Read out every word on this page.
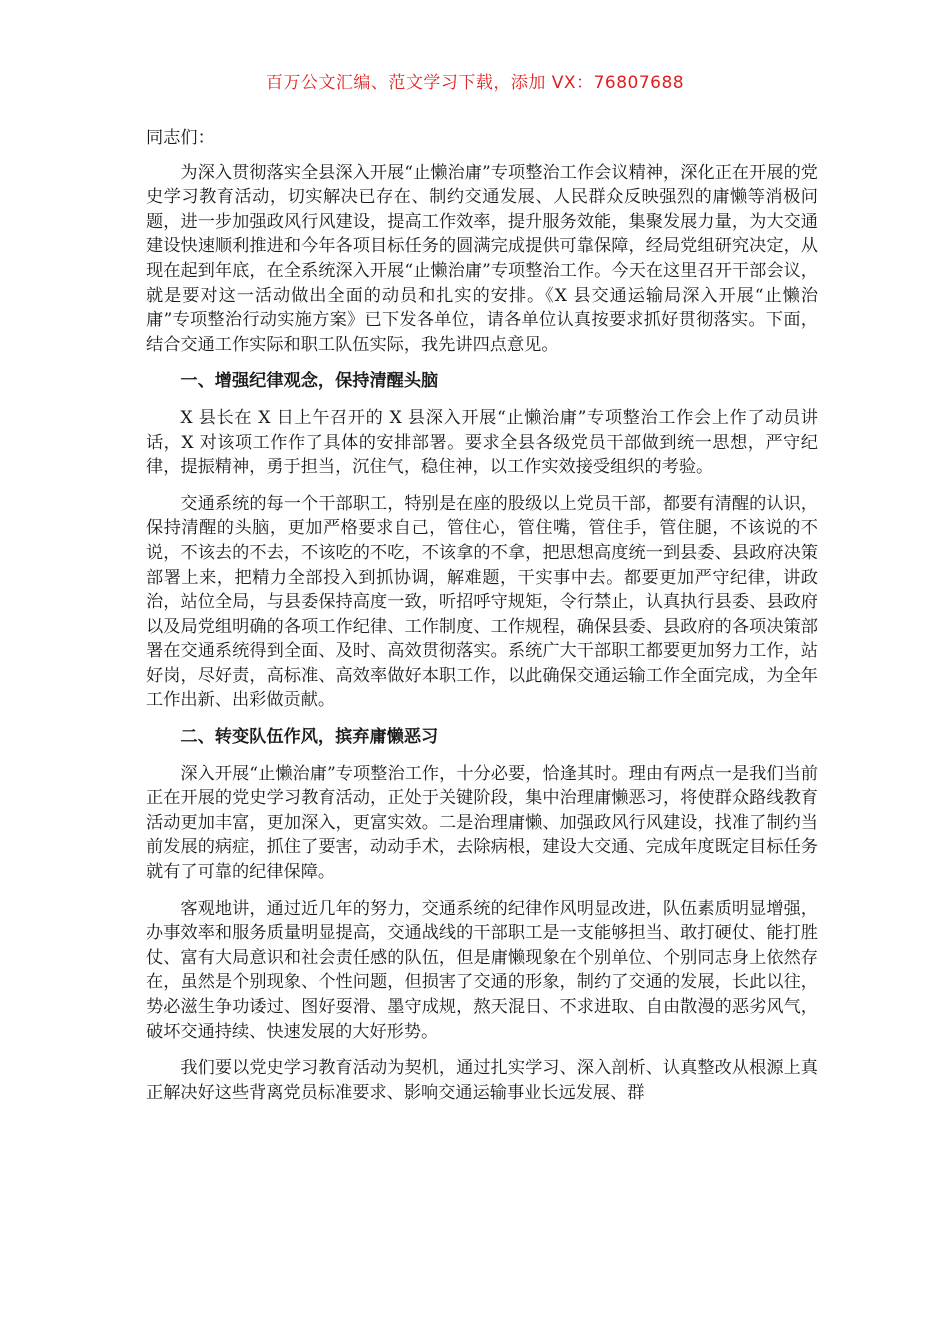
百万公文汇编、范文学习下载，添加 VX：76807688

同志们：

为深入贯彻落实全县深入开展“止懒治庸”专项整治工作会议精神，深化正在开展的党史学习教育活动，切实解决已存在、制约交通发展、人民群众反映强烈的庸懒等消极问题，进一步加强政风行风建设，提高工作效率，提升服务效能，集聚发展力量，为大交通建设快速顺利推进和今年各项目标任务的圆满完成提供可靠保障，经局党组研究决定，从现在起到年底，在全系统深入开展“止懒治庸”专项整治工作。今天在这里召开干部会议，就是要对这一活动做出全面的动员和扎实的安排。《X 县交通运输局深入开展“止懒治庸”专项整治行动实施方案》已下发各单位，请各单位认真按要求抓好贯彻落实。下面，结合交通工作实际和职工队伍实际，我先讲四点意见。

一、增强纪律观念，保持清醒头脑

X 县长在 X 日上午召开的 X 县深入开展“止懒治庸”专项整治工作会上作了动员讲话，X 对该项工作作了具体的安排部署。要求全县各级党员干部做到统一思想，严守纪律，提振精神，勇于担当，沉住气，稳住神，以工作实效接受组织的考验。

交通系统的每一个干部职工，特别是在座的股级以上党员干部，都要有清醒的认识，保持清醒的头脑，更加严格要求自己，管住心，管住嘴，管住手，管住腿，不该说的不说，不该去的不去，不该吃的不吃，不该拿的不拿，把思想高度统一到县委、县政府决策部署上来，把精力全部投入到抓协调，解难题，干实事中去。都要更加严守纪律，讲政治，站位全局，与县委保持高度一致，听招呼守规矩，令行禁止，认真执行县委、县政府以及局党组明确的各项工作纪律、工作制度、工作规程，确保县委、县政府的各项决策部署在交通系统得到全面、及时、高效贯彻落实。系统广大干部职工都要更加努力工作，站好岗，尽好责，高标准、高效率做好本职工作，以此确保交通运输工作全面完成，为全年工作出新、出彩做贡献。

二、转变队伍作风，摈弃庸懒恶习

深入开展“止懒治庸”专项整治工作，十分必要，恰逢其时。理由有两点一是我们当前正在开展的党史学习教育活动，正处于关键阶段，集中治理庸懒恶习，将使群众路线教育活动更加丰富，更加深入，更富实效。二是治理庸懒、加强政风行风建设，找准了制约当前发展的病症，抓住了要害，动动手术，去除病根，建设大交通、完成年度既定目标任务就有了可靠的纪律保障。

客观地讲，通过近几年的努力，交通系统的纪律作风明显改进，队伍素质明显增强，办事效率和服务质量明显提高，交通战线的干部职工是一支能够担当、敢打硬仗、能打胜仗、富有大局意识和社会责任感的队伍，但是庸懒现象在个别单位、个别同志身上依然存在，虽然是个别现象、个性问题，但损害了交通的形象，制约了交通的发展，长此以往，势必滋生争功诿过、图好耍滑、墨守成规，熬天混日、不求进取、自由散漫的恶劣风气，破坏交通持续、快速发展的大好形势。

我们要以党史学习教育活动为契机，通过扎实学习、深入剖析、认真整改从根源上真正解决好这些背离党员标准要求、影响交通运输事业长远发展、群
